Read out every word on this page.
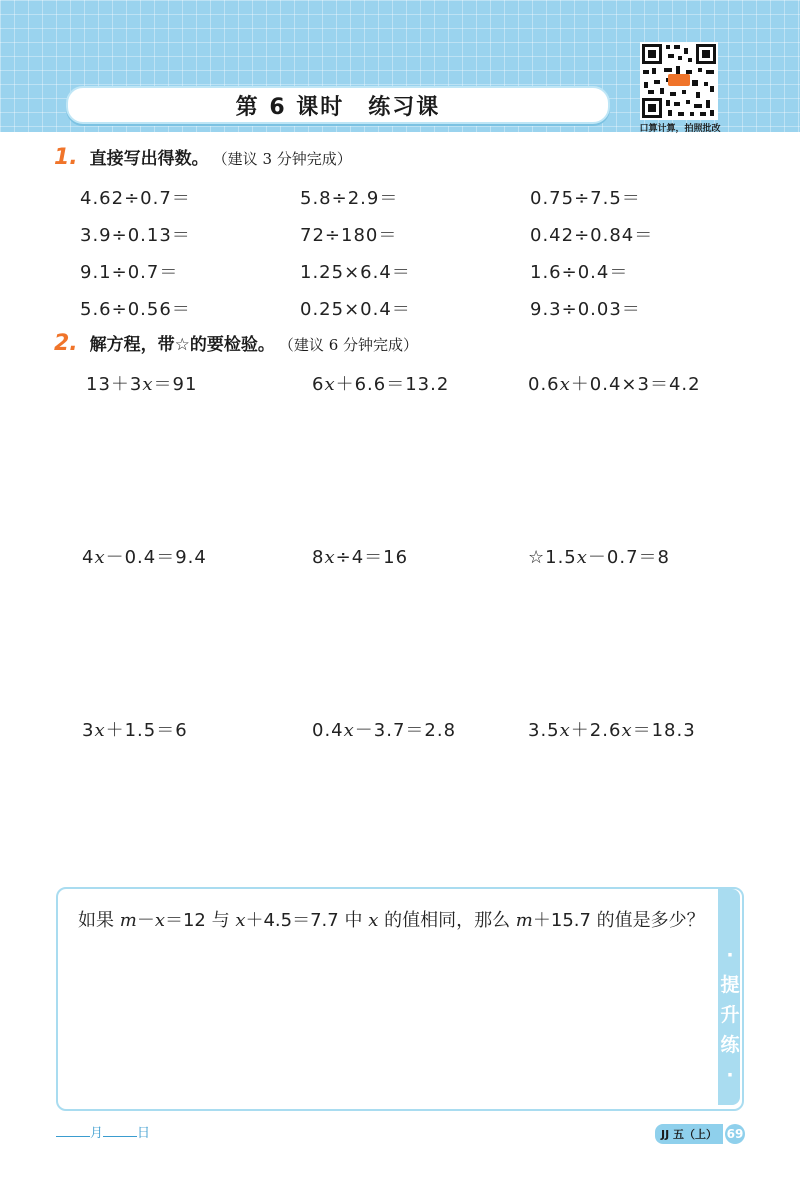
第 6 课时　练习课
口算计算，拍照批改
1. 直接写出得数。 （建议 3 分钟完成）
4.62÷0.7＝	5.8÷2.9＝	0.75÷7.5＝
3.9÷0.13＝	72÷180＝	0.42÷0.84＝
9.1÷0.7＝	1.25×6.4＝	1.6÷0.4＝
5.6÷0.56＝	0.25×0.4＝	9.3÷0.03＝
2. 解方程，带☆的要检验。 （建议 6 分钟完成）
13＋3x＝91	6x＋6.6＝13.2	0.6x＋0.4×3＝4.2
4x－0.4＝9.4	8x÷4＝16	☆1.5x－0.7＝8
3x＋1.5＝6	0.4x－3.7＝2.8	3.5x＋2.6x＝18.3
·提升练·
如果 m－x＝12 与 x＋4.5＝7.7 中 x 的值相同，那么 m＋15.7 的值是多少？
月	日	JJ 五（上） 69
